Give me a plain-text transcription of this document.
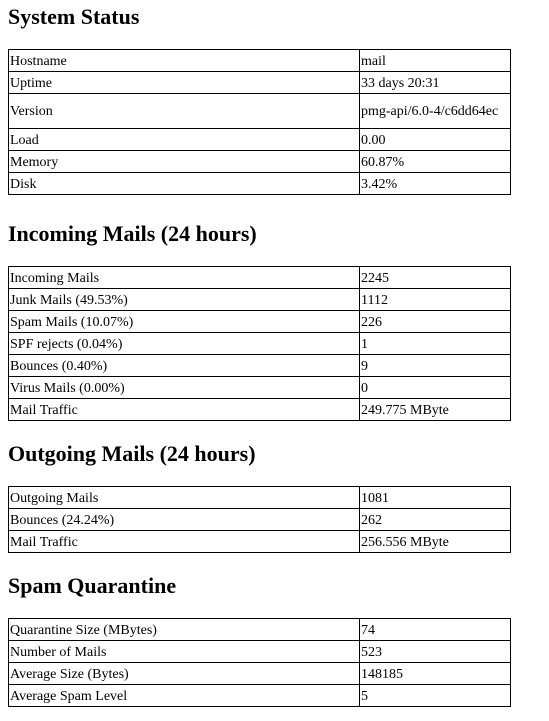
System Status
Hostname	mail
Uptime	33 days 20:31
Version	pmg-api/6.0-4/c6dd64ec
Load	0.00
Memory	60.87%
Disk	3.42%
Incoming Mails (24 hours)
Incoming Mails	2245
Junk Mails (49.53%)	1112
Spam Mails (10.07%)	226
SPF rejects (0.04%)	1
Bounces (0.40%)	9
Virus Mails (0.00%)	0
Mail Traffic	249.775 MByte
Outgoing Mails (24 hours)
Outgoing Mails	1081
Bounces (24.24%)	262
Mail Traffic	256.556 MByte
Spam Quarantine
Quarantine Size (MBytes)	74
Number of Mails	523
Average Size (Bytes)	148185
Average Spam Level	5
